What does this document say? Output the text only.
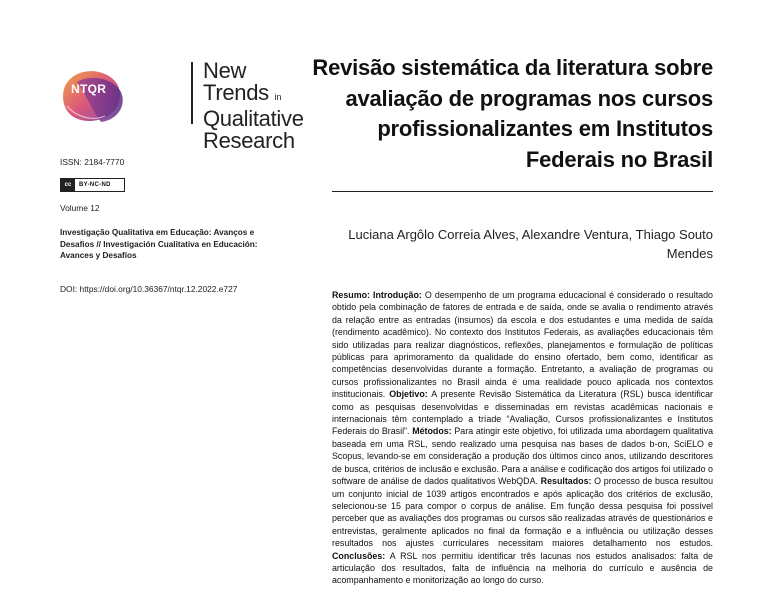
NTQR
New Trends in
Qualitative
Research
ISSN: 2184-7770
cc	BY-NC-ND
Volume 12
Investigação Qualitativa em Educação: Avanços e Desafios // Investigación Cualitativa en Educación: Avances y Desafíos
DOI: https://doi.org/10.36367/ntqr.12.2022.e727
Revisão sistemática da literatura sobre avaliação de programas nos cursos profissionalizantes em Institutos Federais no Brasil
Luciana Argôlo Correia Alves, Alexandre Ventura, Thiago Souto Mendes
Resumo: Introdução: O desempenho de um programa educacional é considerado o resultado obtido pela combinação de fatores de entrada e de saída, onde se avalia o rendimento através da relação entre as entradas (insumos) da escola e dos estudantes e uma medida de saída (rendimento acadêmico). No contexto dos Institutos Federais, as avaliações educacionais têm sido utilizadas para realizar diagnósticos, reflexões, planejamentos e formulação de políticas públicas para aprimoramento da qualidade do ensino ofertado, bem como, identificar as competências desenvolvidas durante a formação. Entretanto, a avaliação de programas ou cursos profissionalizantes no Brasil ainda é uma realidade pouco aplicada nos contextos institucionais. Objetivo: A presente Revisão Sistemática da Literatura (RSL) busca identificar como as pesquisas desenvolvidas e disseminadas em revistas acadêmicas nacionais e internacionais têm contemplado a tríade “Avaliação, Cursos profissionalizantes e Institutos Federais do Brasil”. Métodos: Para atingir este objetivo, foi utilizada uma abordagem qualitativa baseada em uma RSL, sendo realizado uma pesquisa nas bases de dados b-on, SciELO e Scopus, levando-se em consideração a produção dos últimos cinco anos, utilizando descritores de busca, critérios de inclusão e exclusão. Para a análise e codificação dos artigos foi utilizado o software de análise de dados qualitativos WebQDA. Resultados: O processo de busca resultou um conjunto inicial de 1039 artigos encontrados e após aplicação dos critérios de exclusão, selecionou-se 15 para compor o corpus de análise. Em função dessa pesquisa foi possível perceber que as avaliações dos programas ou cursos são realizadas através de questionários e entrevistas, geralmente aplicados no final da formação e a influência ou utilização desses resultados nos ajustes curriculares necessitam maiores detalhamento nos estudos. Conclusões: A RSL nos permitiu identificar três lacunas nos estudos analisados: falta de articulação dos resultados, falta de influência na melhoria do currículo e ausência de acompanhamento e monitorização ao longo do curso.
